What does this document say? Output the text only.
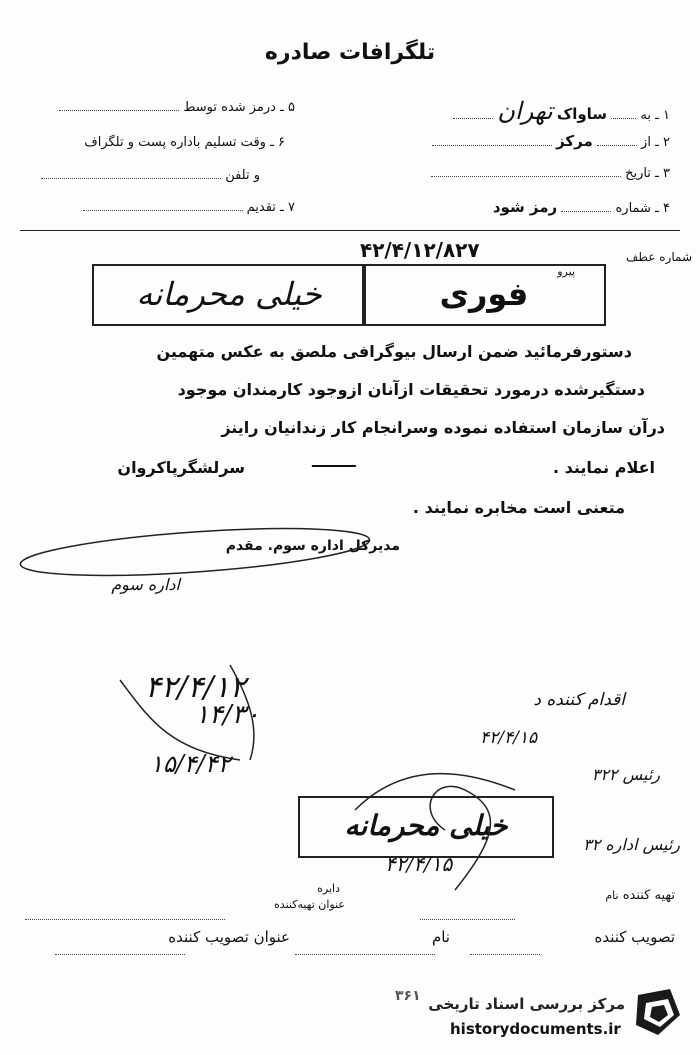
تلگرافات صادره
۱ ـ به  ساواک تهران
۲ ـ از  مرکز
۳ ـ تاریخ
۴ ـ شماره  رمز شود
۵ ـ درمز شده توسط
۶ ـ وقت تسلیم باداره پست و تلگراف
و تلفن
۷ ـ تقدیم
شماره عطف
۴۲/۴/۱۲/۸۲۷
پیرو
خیلی محرمانه	فوری
دستورفرمائید ضمن ارسال بیوگرافی ملصق به عکس متهمین
دستگیرشده درمورد تحقیقات ازآنان ازوجود کارمندان موجود
درآن سازمان استفاده نموده وسرانجام کار زندانیان راینز
اعلام نمایند .
ــــــــ
سرلشگرپاکروان
متعنی است مخابره نمایند .
مدیرکل اداره سوم. مقدم
اداره سوم
۴۲/۴/۱۲
۱۴/۳۰
۱۵/۴/۴۲
اقدام کننده د
۴۲/۴/۱۵
رئیس ۳۲۲
رئیس اداره ۳۲
خیلی محرمانه
۴۲/۴/۱۵
تهیه کننده نام
دایره
عنوان تهیه‌کننده
تصویب کننده
نام
عنوان تصویب کننده
مرکز بررسی اسناد تاریخی
۳۶۱
historydocuments.ir
